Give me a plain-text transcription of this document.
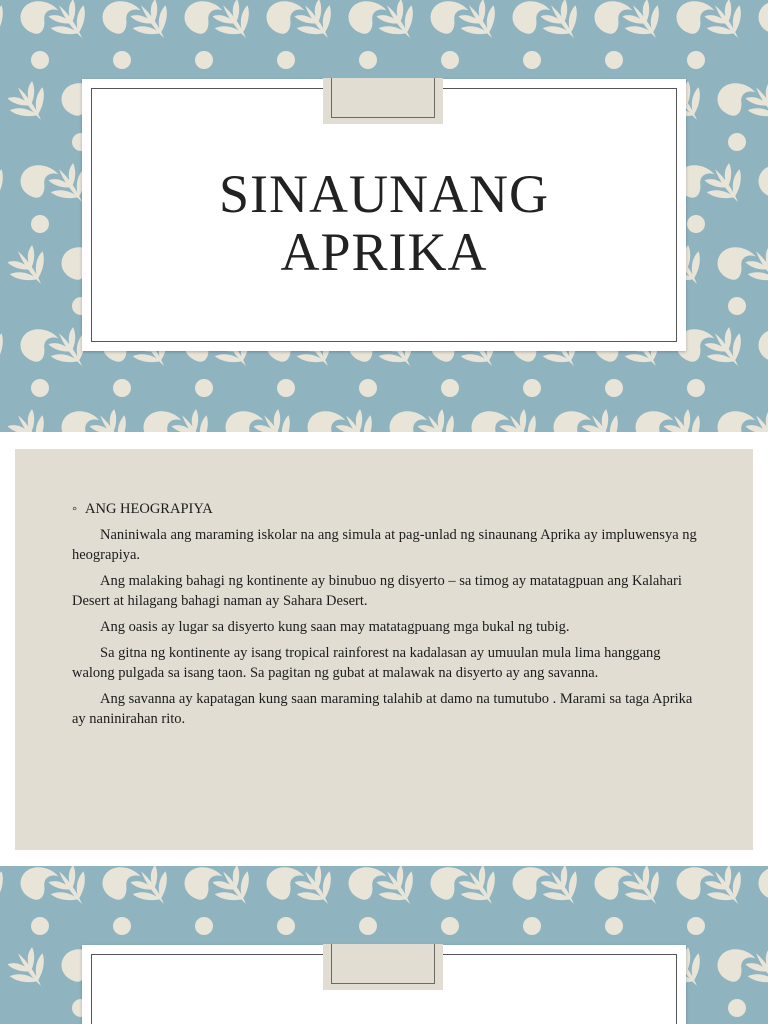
SINAUNANG
APRIKA
◦ ANG HEOGRAPIYA
Naniniwala ang maraming iskolar na ang simula at pag-unlad ng sinaunang Aprika ay impluwensya ng heograpiya.
Ang malaking bahagi ng kontinente ay binubuo ng disyerto – sa timog ay matatagpuan ang Kalahari Desert at hilagang bahagi naman ay Sahara Desert.
Ang oasis ay lugar sa disyerto kung saan may matatagpuang mga bukal ng tubig.
Sa gitna ng kontinente ay isang tropical rainforest na kadalasan ay umuulan mula lima hanggang walong pulgada sa isang taon. Sa pagitan ng gubat at malawak na disyerto ay ang savanna.
Ang savanna ay kapatagan kung saan maraming talahib at damo na tumutubo . Marami sa taga Aprika ay naninirahan rito.
